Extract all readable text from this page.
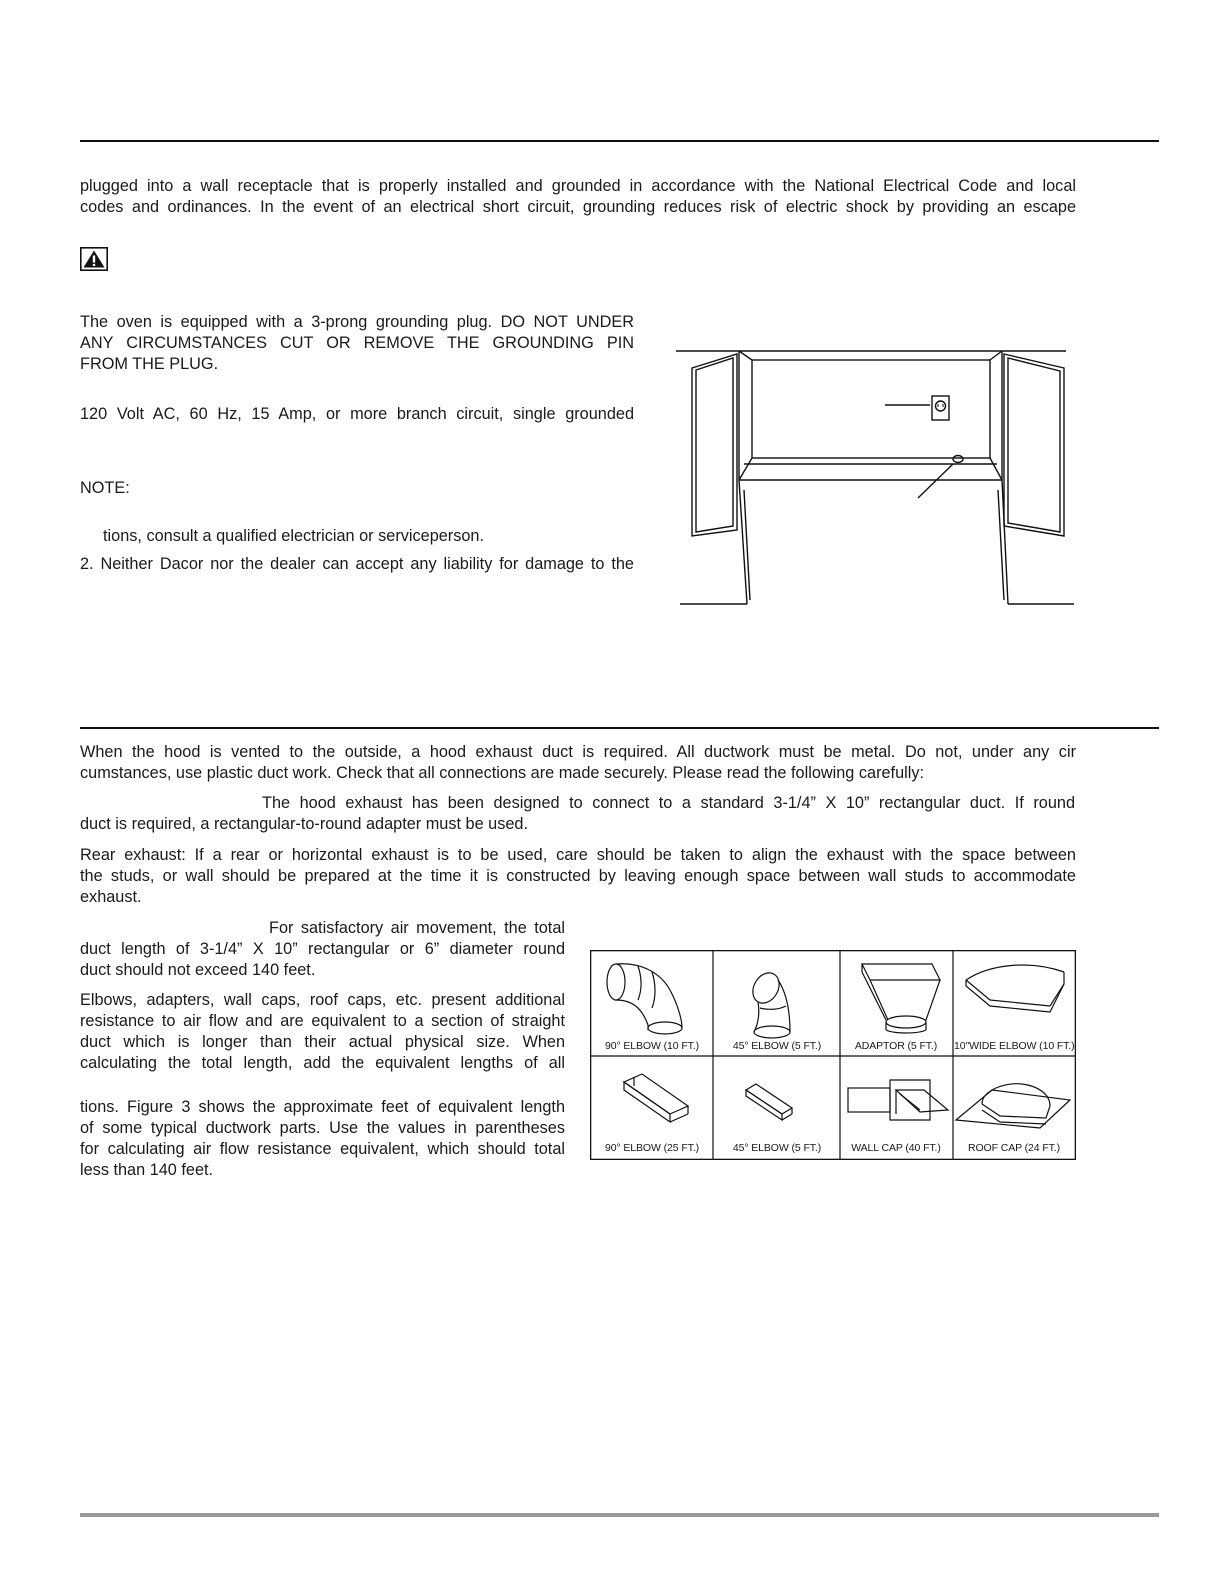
plugged into a wall receptacle that is properly installed and grounded in accordance with the National Electrical Code and local
codes and ordinances. In the event of an electrical short circuit, grounding reduces risk of electric shock by providing an escape

The oven is equipped with a 3-prong grounding plug. DO NOT UNDER
ANY CIRCUMSTANCES CUT OR REMOVE THE GROUNDING PIN
FROM THE PLUG.

120 Volt AC, 60 Hz, 15 Amp, or more branch circuit, single grounded

NOTE:

tions, consult a qualified electrician or serviceperson.

2. Neither Dacor nor the dealer can accept any liability for damage to the

When the hood is vented to the outside, a hood exhaust duct is required. All ductwork must be metal. Do not, under any cir
cumstances, use plastic duct work. Check that all connections are made securely. Please read the following carefully:

The hood exhaust has been designed to connect to a standard 3-1/4” X 10” rectangular duct. If round

duct is required, a rectangular-to-round adapter must be used.

Rear exhaust: If a rear or horizontal exhaust is to be used, care should be taken to align the exhaust with the space between
the studs, or wall should be prepared at the time it is constructed by leaving enough space between wall studs to accommodate
exhaust.

For satisfactory air movement, the total

duct length of 3-1/4” X 10” rectangular or 6” diameter round
duct should not exceed 140 feet.

Elbows, adapters, wall caps, roof caps, etc. present additional
resistance to air flow and are equivalent to a section of straight
duct which is longer than their actual physical size. When
calculating the total length, add the equivalent lengths of all

tions. Figure 3 shows the approximate feet of equivalent length
of some typical ductwork parts. Use the values in parentheses
for calculating air flow resistance equivalent, which should total
less than 140 feet.

90° ELBOW (10 FT.)	45° ELBOW (5 FT.)	ADAPTOR (5 FT.)	10"WIDE ELBOW (10 FT.)
90° ELBOW (25 FT.)	45° ELBOW (5 FT.)	WALL CAP (40 FT.)	ROOF CAP (24 FT.)
